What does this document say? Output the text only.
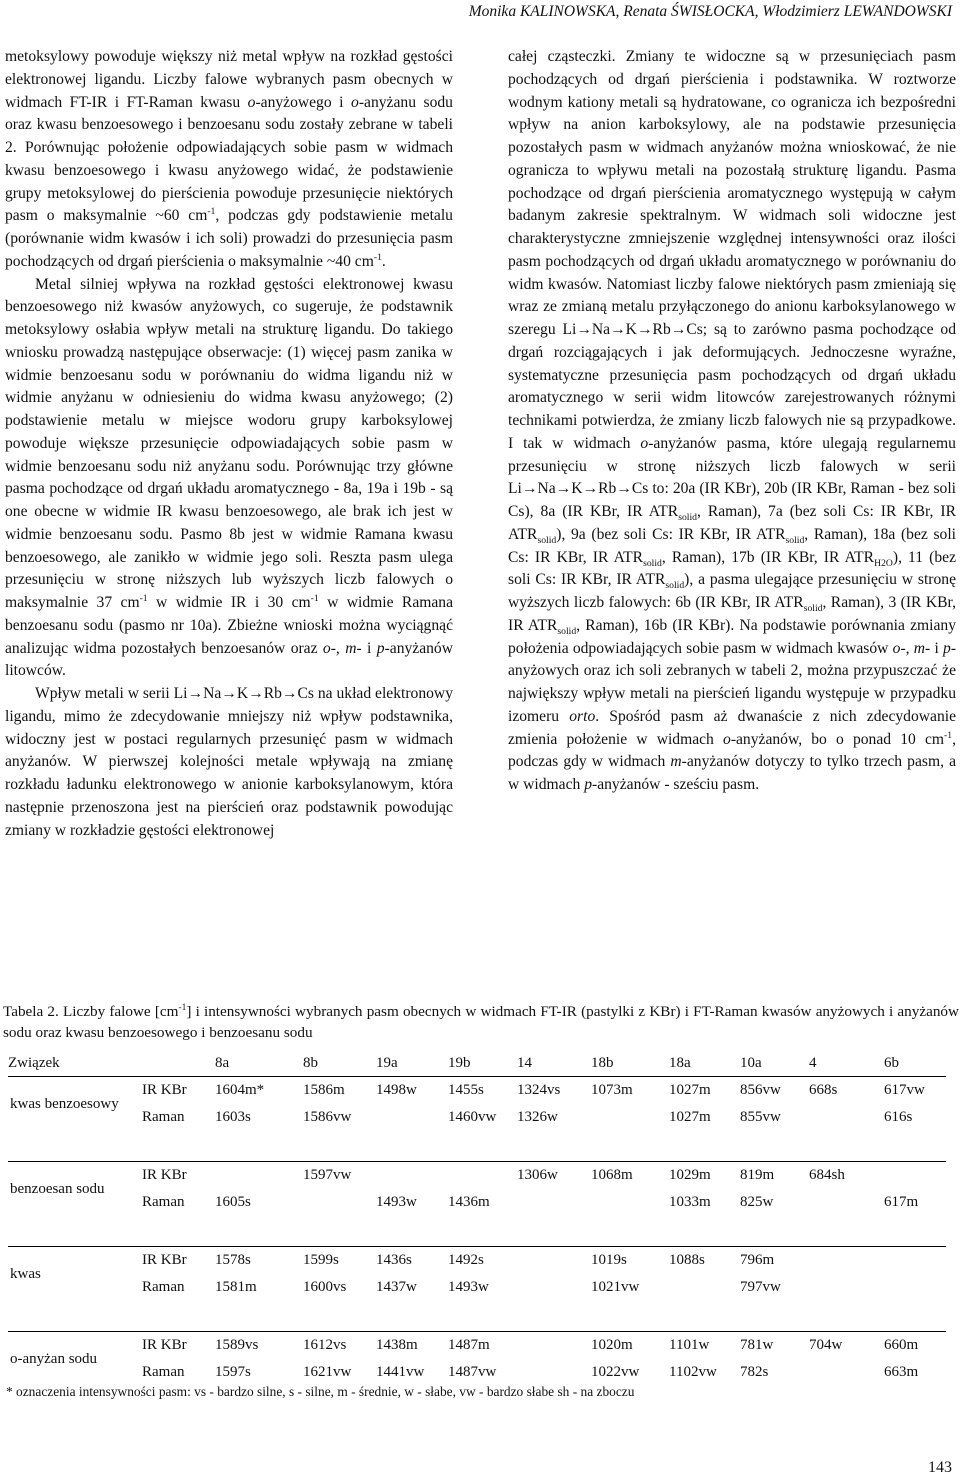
Monika KALINOWSKA, Renata ŚWISŁOCKA, Włodzimierz LEWANDOWSKI

metoksylowy powoduje większy niż metal wpływ na rozkład gęstości elektronowej ligandu. Liczby falowe wybranych pasm obecnych w widmach FT-IR i FT-Raman kwasu o-anyżowego i o-anyżanu sodu oraz kwasu benzoesowego i benzoesanu sodu zostały zebrane w tabeli 2. Porównując położenie odpowiadających sobie pasm w widmach kwasu benzoesowego i kwasu anyżowego widać, że podstawienie grupy metoksylowej do pierścienia powoduje przesunięcie niektórych pasm o maksymalnie ~60 $cm^{-1}$, podczas gdy podstawienie metalu (porównanie widm kwasów i ich soli) prowadzi do przesunięcia pasm pochodzących od drgań pierścienia o maksymalnie ~40 $cm^{-1}$.

Metal silniej wpływa na rozkład gęstości elektronowej kwasu benzoesowego niż kwasów anyżowych, co sugeruje, że podstawnik metoksylowy osłabia wpływ metali na strukturę ligandu. Do takiego wniosku prowadzą następujące obserwacje: (1) więcej pasm zanika w widmie benzoesanu sodu w porównaniu do widma ligandu niż w widmie anyżanu w odniesieniu do widma kwasu anyżowego; (2) podstawienie metalu w miejsce wodoru grupy karboksylowej powoduje większe przesunięcie odpowiadających sobie pasm w widmie benzoesanu sodu niż anyżanu sodu. Porównując trzy główne pasma pochodzące od drgań układu aromatycznego - 8a, 19a i 19b - są one obecne w widmie IR kwasu benzoesowego, ale brak ich jest w widmie benzoesanu sodu. Pasmo 8b jest w widmie Ramana kwasu benzoesowego, ale zanikło w widmie jego soli. Reszta pasm ulega przesunięciu w stronę niższych lub wyższych liczb falowych o maksymalnie 37 $cm^{-1}$ w widmie IR i 30 $cm^{-1}$ w widmie Ramana benzoesanu sodu (pasmo nr 10a). Zbieżne wnioski można wyciągnąć analizując widma pozostałych benzoesanów oraz o-, m- i p-anyżanów litowców.

Wpływ metali w serii Li→Na→K→Rb→Cs na układ elektronowy ligandu, mimo że zdecydowanie mniejszy niż wpływ podstawnika, widoczny jest w postaci regularnych przesunięć pasm w widmach anyżanów. W pierwszej kolejności metale wpływają na zmianę rozkładu ładunku elektronowego w anionie karboksylanowym, która następnie przenoszona jest na pierścień oraz podstawnik powodując zmiany w rozkładzie gęstości elektronowej

całej cząsteczki. Zmiany te widoczne są w przesunięciach pasm pochodzących od drgań pierścienia i podstawnika. W roztworze wodnym kationy metali są hydratowane, co ogranicza ich bezpośredni wpływ na anion karboksylowy, ale na podstawie przesunięcia pozostałych pasm w widmach anyżanów można wnioskować, że nie ogranicza to wpływu metali na pozostałą strukturę ligandu. Pasma pochodzące od drgań pierścienia aromatycznego występują w całym badanym zakresie spektralnym. W widmach soli widoczne jest charakterystyczne zmniejszenie względnej intensywności oraz ilości pasm pochodzących od drgań układu aromatycznego w porównaniu do widm kwasów. Natomiast liczby falowe niektórych pasm zmieniają się wraz ze zmianą metalu przyłączonego do anionu karboksylanowego w szeregu Li→Na→K→Rb→Cs; są to zarówno pasma pochodzące od drgań rozciągających i jak deformujących. Jednoczesne wyraźne, systematyczne przesunięcia pasm pochodzących od drgań układu aromatycznego w serii widm litowców zarejestrowanych różnymi technikami potwierdza, że zmiany liczb falowych nie są przypadkowe. I tak w widmach o-anyżanów pasma, które ulegają regularnemu przesunięciu w stronę niższych liczb falowych w serii Li→Na→K→Rb→Cs to: 20a (IR KBr), 20b (IR KBr, Raman - bez soli Cs), 8a (IR KBr, IR $ATR_{solid}$, Raman), 7a (bez soli Cs: IR KBr, IR $ATR_{solid}$), 9a (bez soli Cs: IR KBr, IR $ATR_{solid}$, Raman), 18a (bez soli Cs: IR KBr, IR $ATR_{solid}$, Raman), 17b (IR KBr, IR $ATR_{H2O}$), 11 (bez soli Cs: IR KBr, IR $ATR_{solid}$), a pasma ulegające przesunięciu w stronę wyższych liczb falowych: 6b (IR KBr, IR $ATR_{solid}$, Raman), 3 (IR KBr, IR $ATR_{solid}$, Raman), 16b (IR KBr). Na podstawie porównania zmiany położenia odpowiadających sobie pasm w widmach kwasów o-, m- i p-anyżowych oraz ich soli zebranych w tabeli 2, można przypuszczać że największy wpływ metali na pierścień ligandu występuje w przypadku izomeru orto. Spośród pasm aż dwanaście z nich zdecydowanie zmienia położenie w widmach o-anyżanów, bo o ponad 10 $cm^{-1}$, podczas gdy w widmach m-anyżanów dotyczy to tylko trzech pasm, a w widmach p-anyżanów - sześciu pasm.

Tabela 2. Liczby falowe $[cm^{-1}]$ i intensywności wybranych pasm obecnych w widmach FT-IR (pastylki z KBr) i FT-Raman kwasów anyżowych i anyżanów sodu oraz kwasu benzoesowego i benzoesanu sodu
Związek		8a	8b	19a	19b	14	18b	18a	10a	4	6b
kwas benzoesowy	IR KBr	1604m*	1586m	1498w	1455s	1324vs	1073m	1027m	856vw	668s	617vw
	Raman	1603s	1586vw		1460vw	1326w		1027m	855vw		616s

benzoesan sodu	IR KBr		1597vw			1306w	1068m	1029m	819m	684sh	
	Raman	1605s		1493w	1436m			1033m	825w		617m

kwas	IR KBr	1578s	1599s	1436s	1492s		1019s	1088s	796m		
	Raman	1581m	1600vs	1437w	1493w		1021vw		797vw		

o-anyżan sodu	IR KBr	1589vs	1612vs	1438m	1487m		1020m	1101w	781w	704w	660m
	Raman	1597s	1621vw	1441vw	1487vw		1022vw	1102vw	782s		663m
* oznaczenia intensywności pasm: vs - bardzo silne, s - silne, m - średnie, w - słabe, vw - bardzo słabe sh - na zboczu
143
